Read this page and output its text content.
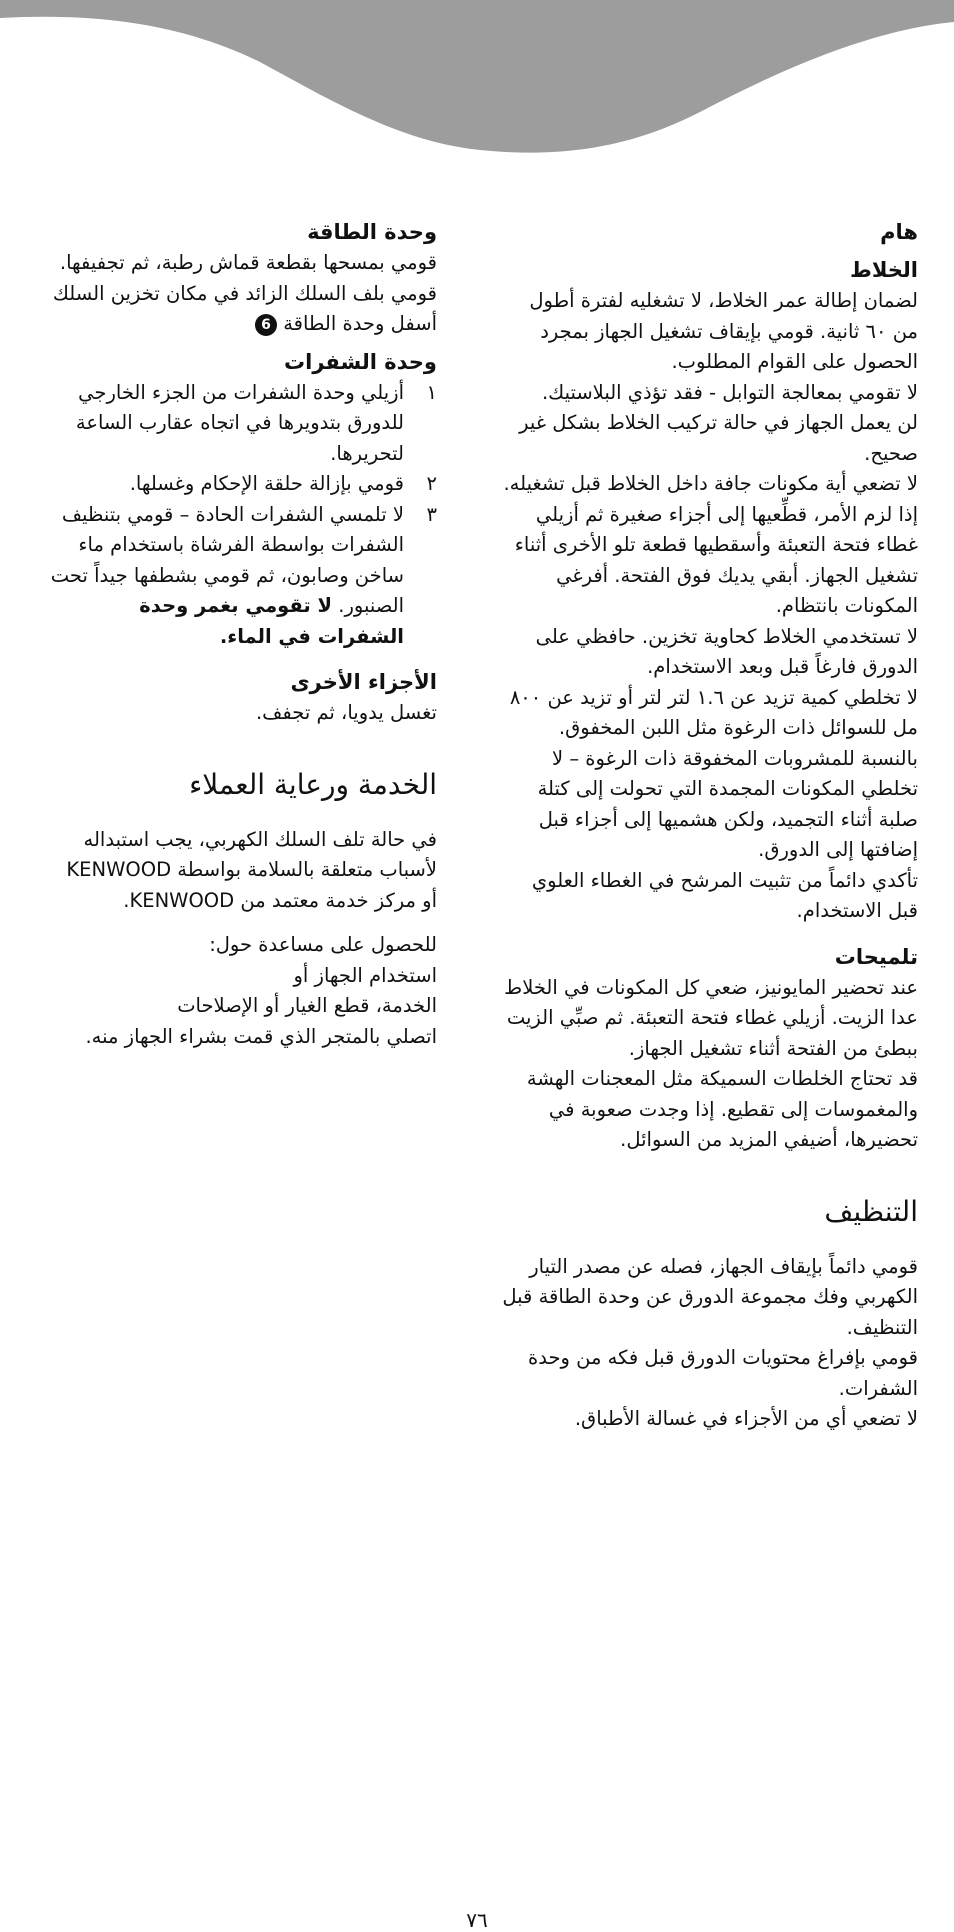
هام

الخلاط

لضمان إطالة عمر الخلاط، لا تشغليه لفترة أطول من ٦٠ ثانية. قومي بإيقاف تشغيل الجهاز بمجرد الحصول على القوام المطلوب.

لا تقومي بمعالجة التوابل - فقد تؤذي البلاستيك.

لن يعمل الجهاز في حالة تركيب الخلاط بشكل غير صحيح.

لا تضعي أية مكونات جافة داخل الخلاط قبل تشغيله. إذا لزم الأمر، قطِّعيها إلى أجزاء صغيرة ثم أزيلي غطاء فتحة التعبئة وأسقطيها قطعة تلو الأخرى أثناء تشغيل الجهاز. أبقي يديك فوق الفتحة. أفرغي المكونات بانتظام.

لا تستخدمي الخلاط كحاوية تخزين. حافظي على الدورق فارغاً قبل وبعد الاستخدام.

لا تخلطي كمية تزيد عن ١.٦ لتر لتر أو تزيد عن ٨٠٠ مل للسوائل ذات الرغوة مثل اللبن المخفوق.

بالنسبة للمشروبات المخفوقة ذات الرغوة – لا تخلطي المكونات المجمدة التي تحولت إلى كتلة صلبة أثناء التجميد، ولكن هشميها إلى أجزاء قبل إضافتها إلى الدورق.

تأكدي دائماً من تثبيت المرشح في الغطاء العلوي قبل الاستخدام.

تلميحات

عند تحضير المايونيز، ضعي كل المكونات في الخلاط عدا الزيت. أزيلي غطاء فتحة التعبئة. ثم صبِّي الزيت ببطئ من الفتحة أثناء تشغيل الجهاز.

قد تحتاج الخلطات السميكة مثل المعجنات الهشة والمغموسات إلى تقطيع. إذا وجدت صعوبة في تحضيرها، أضيفي المزيد من السوائل.

التنظيف

قومي دائماً بإيقاف الجهاز، فصله عن مصدر التيار الكهربي وفك مجموعة الدورق عن وحدة الطاقة قبل التنظيف.

قومي بإفراغ محتويات الدورق قبل فكه من وحدة الشفرات.

لا تضعي أي من الأجزاء في غسالة الأطباق.

وحدة الطاقة

قومي بمسحها بقطعة قماش رطبة، ثم تجفيفها.

قومي بلف السلك الزائد في مكان تخزين السلك أسفل وحدة الطاقة 6

وحدة الشفرات

١
أزيلي وحدة الشفرات من الجزء الخارجي للدورق بتدويرها في اتجاه عقارب الساعة لتحريرها.
٢
قومي بإزالة حلقة الإحكام وغسلها.
٣
لا تلمسي الشفرات الحادة – قومي بتنظيف الشفرات بواسطة الفرشاة باستخدام ماء ساخن وصابون، ثم قومي بشطفها جيداً تحت الصنبور. لا تقومي بغمر وحدة الشفرات في الماء.

الأجزاء الأخرى

تغسل يدويا، ثم تجفف.

الخدمة ورعاية العملاء

في حالة تلف السلك الكهربي، يجب استبداله لأسباب متعلقة بالسلامة بواسطة KENWOOD أو مركز خدمة معتمد من KENWOOD.

للحصول على مساعدة حول:

استخدام الجهاز أو

الخدمة، قطع الغيار أو الإصلاحات

اتصلي بالمتجر الذي قمت بشراء الجهاز منه.

٧٦
